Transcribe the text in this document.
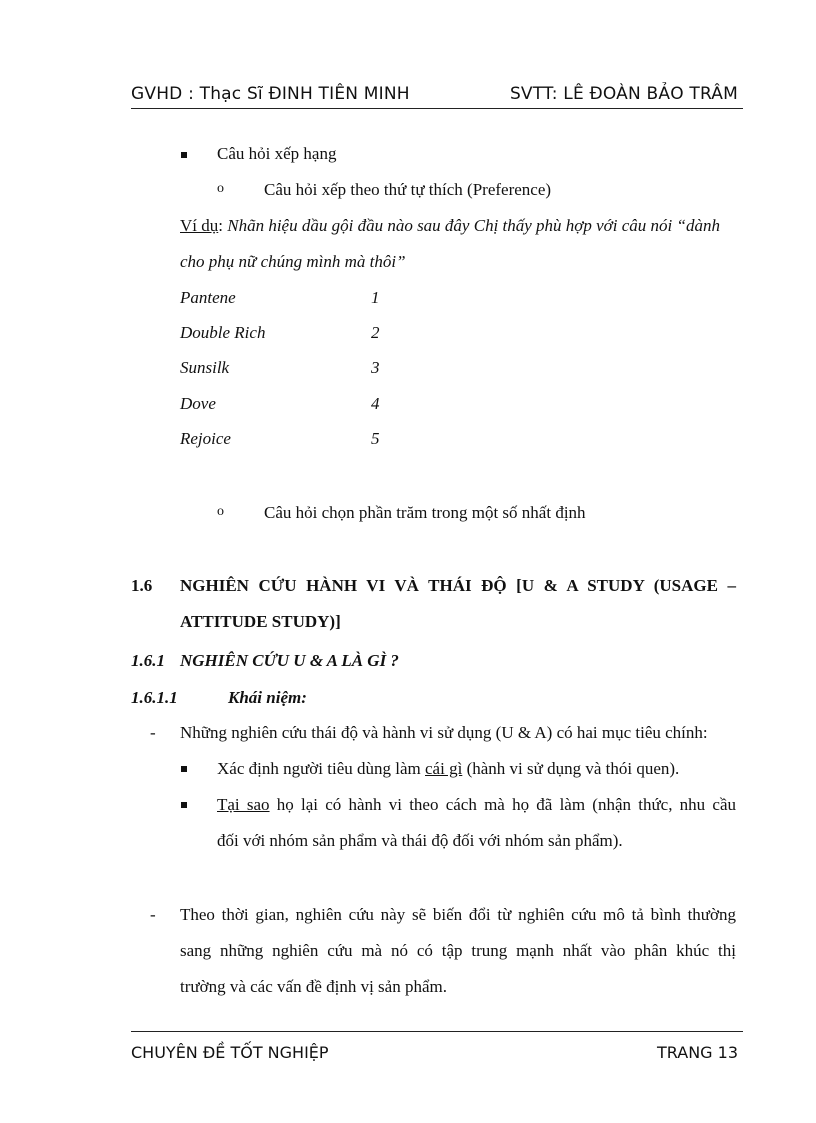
GVHD : Thạc Sĩ ĐINH TIÊN MINH	SVTT: LÊ ĐOÀN BẢO TRÂM
Câu hỏi xếp hạng
o Câu hỏi xếp theo thứ tự thích (Preference)
Ví dụ: Nhãn hiệu dầu gội đầu nào sau đây Chị thấy phù hợp với câu nói “dành
cho phụ nữ chúng mình mà thôi”
Pantene	1
Double Rich	2
Sunsilk	3
Dove	4
Rejoice	5
o Câu hỏi chọn phần trăm trong một số nhất định
1.6 NGHIÊN CỨU HÀNH VI VÀ THÁI ĐỘ [U & A STUDY (USAGE –
ATTITUDE STUDY)]
1.6.1 NGHIÊN CỨU U & A LÀ GÌ ?
1.6.1.1	Khái niệm:
- Những nghiên cứu thái độ và hành vi sử dụng (U & A) có hai mục tiêu chính:
Xác định người tiêu dùng làm cái gì (hành vi sử dụng và thói quen).
Tại sao họ lại có hành vi theo cách mà họ đã làm (nhận thức, nhu cầu
đối với nhóm sản phẩm và thái độ đối với nhóm sản phẩm).
- Theo thời gian, nghiên cứu này sẽ biến đổi từ nghiên cứu mô tả bình thường
sang những nghiên cứu mà nó có tập trung mạnh nhất vào phân khúc thị
trường và các vấn đề định vị sản phẩm.
CHUYÊN ĐỀ TỐT NGHIỆP	TRANG 13
